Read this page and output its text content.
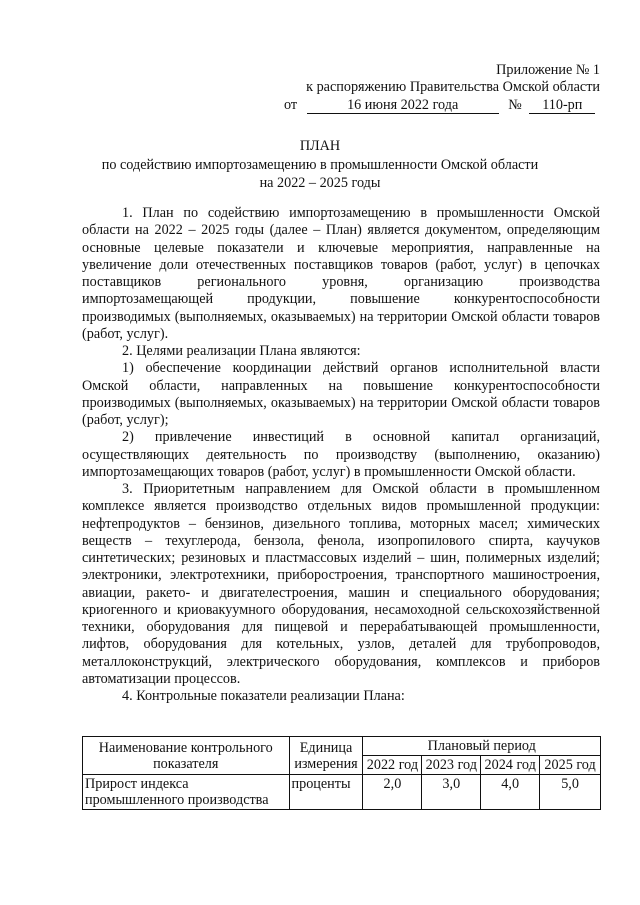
Приложение № 1
к распоряжению Правительства Омской области
от	16 июня 2022 года	№ 110-рп
ПЛАН
по содействию импортозамещению в промышленности Омской области
на 2022 – 2025 годы

1. План по содействию импортозамещению в промышленности Омской области на 2022 – 2025 годы (далее – План) является документом, определяющим основные целевые показатели и ключевые мероприятия, направленные на увеличение доли отечественных поставщиков товаров (работ, услуг) в цепочках поставщиков регионального уровня, организацию производства импортозамещающей продукции, повышение конкурентоспособности производимых (выполняемых, оказываемых) на территории Омской области товаров (работ, услуг).

2. Целями реализации Плана являются:

1) обеспечение координации действий органов исполнительной власти Омской области, направленных на повышение конкурентоспособности производимых (выполняемых, оказываемых) на территории Омской области товаров (работ, услуг);

2) привлечение инвестиций в основной капитал организаций, осуществляющих деятельность по производству (выполнению, оказанию) импортозамещающих товаров (работ, услуг) в промышленности Омской области.

3. Приоритетным направлением для Омской области в промышленном комплексе является производство отдельных видов промышленной продукции: нефтепродуктов – бензинов, дизельного топлива, моторных масел; химических веществ – техуглерода, бензола, фенола, изопропилового спирта, каучуков синтетических; резиновых и пластмассовых изделий – шин, полимерных изделий; электроники, электротехники, приборостроения, транспортного машиностроения, авиации, ракето- и двигателестроения, машин и специального оборудования; криогенного и криовакуумного оборудования, несамоходной сельскохозяйственной техники, оборудования для пищевой и перерабатывающей промышленности, лифтов, оборудования для котельных, узлов, деталей для трубопроводов, металлоконструкций, электрического оборудования, комплексов и приборов автоматизации процессов.

4. Контрольные показатели реализации Плана:

Наименование контрольного показателя	Единица измерения	Плановый период			
		2022 год	2023 год	2024 год	2025 год
Прирост индекса промышленного производства	проценты	2,0	3,0	4,0	5,0
